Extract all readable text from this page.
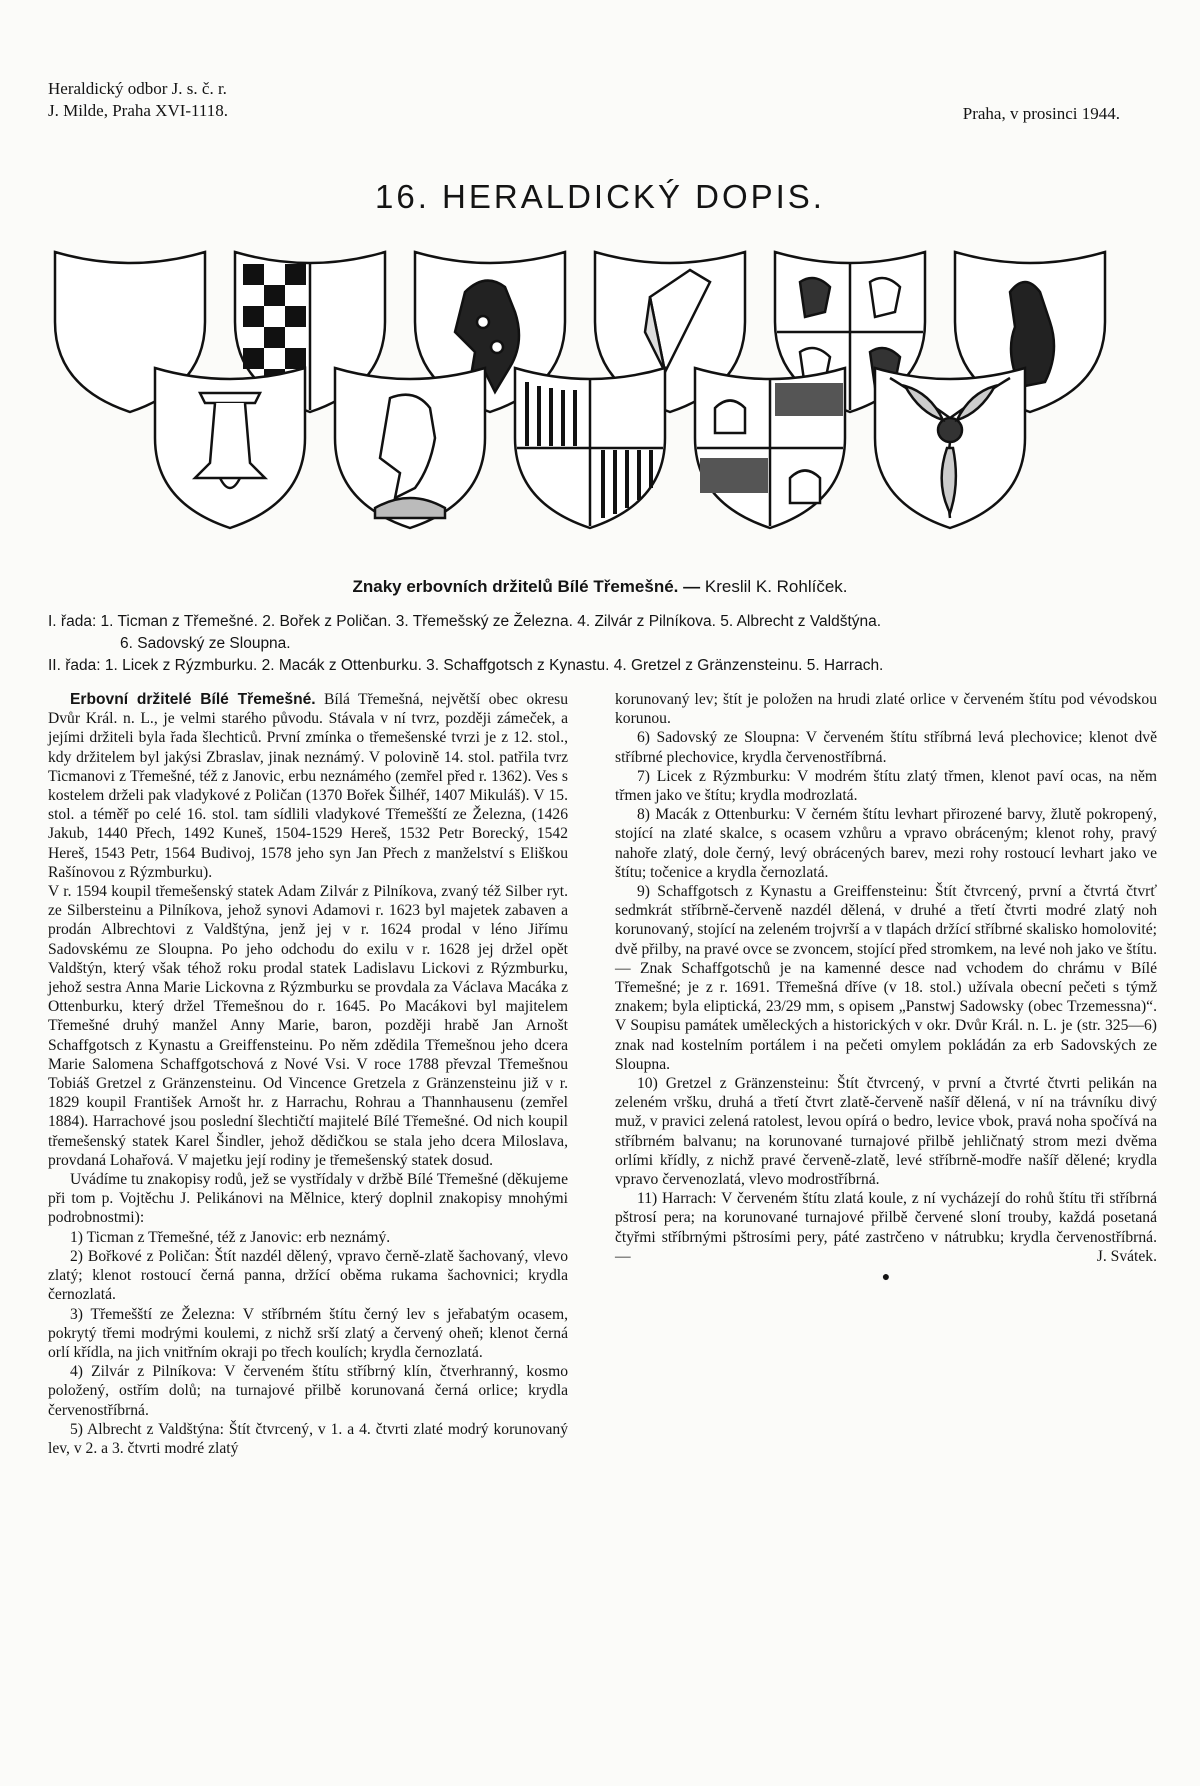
Heraldický odbor J. s. č. r.
J. Milde, Praha XVI-1118.	Praha, v prosinci 1944.
16. HERALDICKÝ DOPIS.
Znaky erbovních držitelů Bílé Třemešné. — Kreslil K. Rohlíček.

I. řada: 1. Ticman z Třemešné. 2. Bořek z Poličan. 3. Třemešský ze Železna. 4. Zilvár z Pilníkova. 5. Albrecht z Valdštýna.

6. Sadovský ze Sloupna.

II. řada: 1. Licek z Rýzmburku. 2. Macák z Ottenburku. 3. Schaffgotsch z Kynastu. 4. Gretzel z Gränzensteinu. 5. Harrach.

Erbovní držitelé Bílé Třemešné. Bílá Třemešná, největší obec okresu Dvůr Král. n. L., je velmi starého původu. Stávala v ní tvrz, později zámeček, a jejími držiteli byla řada šlechticů. První zmínka o třemešenské tvrzi je z 12. stol., kdy držitelem byl jakýsi Zbraslav, jinak neznámý. V polovině 14. stol. patřila tvrz Ticmanovi z Třemešné, též z Janovic, erbu neznámého (zemřel před r. 1362). Ves s kostelem drželi pak vladykové z Poličan (1370 Bořek Šilhéř, 1407 Mikuláš). V 15. stol. a téměř po celé 16. stol. tam sídlili vladykové Třemešští ze Železna, (1426 Jakub, 1440 Přech, 1492 Kuneš, 1504-1529 Hereš, 1532 Petr Borecký, 1542 Hereš, 1543 Petr, 1564 Budivoj, 1578 jeho syn Jan Přech z manželství s Eliškou Rašínovou z Rýzmburku).

V r. 1594 koupil třemešenský statek Adam Zilvár z Pilníkova, zvaný též Silber ryt. ze Silbersteinu a Pilníkova, jehož synovi Adamovi r. 1623 byl majetek zabaven a prodán Albrechtovi z Valdštýna, jenž jej v r. 1624 prodal v léno Jiřímu Sadovskému ze Sloupna. Po jeho odchodu do exilu v r. 1628 jej držel opět Valdštýn, který však téhož roku prodal statek Ladislavu Lickovi z Rýzmburku, jehož sestra Anna Marie Lickovna z Rýzmburku se provdala za Václava Macáka z Ottenburku, který držel Třemešnou do r. 1645. Po Macákovi byl majitelem Třemešné druhý manžel Anny Marie, baron, později hrabě Jan Arnošt Schaffgotsch z Kynastu a Greiffensteinu. Po něm zdědila Třemešnou jeho dcera Marie Salomena Schaffgotschová z Nové Vsi. V roce 1788 převzal Třemešnou Tobiáš Gretzel z Gränzensteinu. Od Vincence Gretzela z Gränzensteinu již v r. 1829 koupil František Arnošt hr. z Harrachu, Rohrau a Thannhausenu (zemřel 1884). Harrachové jsou poslední šlechtičtí majitelé Bílé Třemešné. Od nich koupil třemešenský statek Karel Šindler, jehož dědičkou se stala jeho dcera Miloslava, provdaná Lohařová. V majetku její rodiny je třemešenský statek dosud.

Uvádíme tu znakopisy rodů, jež se vystřídaly v držbě Bílé Třemešné (děkujeme při tom p. Vojtěchu J. Pelikánovi na Mělnice, který doplnil znakopisy mnohými podrobnostmi):

1) Ticman z Třemešné, též z Janovic: erb neznámý.

2) Bořkové z Poličan: Štít nazdél dělený, vpravo černě-zlatě šachovaný, vlevo zlatý; klenot rostoucí černá panna, držící oběma rukama šachovnici; krydla černozlatá.

3) Třemešští ze Železna: V stříbrném štítu černý lev s jeřabatým ocasem, pokrytý třemi modrými koulemi, z nichž srší zlatý a červený oheň; klenot černá orlí křídla, na jich vnitřním okraji po třech koulích; krydla černozlatá.

4) Zilvár z Pilníkova: V červeném štítu stříbrný klín, čtverhranný, kosmo položený, ostřím dolů; na turnajové přilbě korunovaná černá orlice; krydla červenostříbrná.

5) Albrecht z Valdštýna: Štít čtvrcený, v 1. a 4. čtvrti zlaté modrý korunovaný lev, v 2. a 3. čtvrti modré zlatý

korunovaný lev; štít je položen na hrudi zlaté orlice v červeném štítu pod vévodskou korunou.

6) Sadovský ze Sloupna: V červeném štítu stříbrná levá plechovice; klenot dvě stříbrné plechovice, krydla červenostříbrná.

7) Licek z Rýzmburku: V modrém štítu zlatý třmen, klenot paví ocas, na něm třmen jako ve štítu; krydla modrozlatá.

8) Macák z Ottenburku: V černém štítu levhart přirozené barvy, žlutě pokropený, stojící na zlaté skalce, s ocasem vzhůru a vpravo obráceným; klenot rohy, pravý nahoře zlatý, dole černý, levý obrácených barev, mezi rohy rostoucí levhart jako ve štítu; točenice a krydla černozlatá.

9) Schaffgotsch z Kynastu a Greiffensteinu: Štít čtvrcený, první a čtvrtá čtvrť sedmkrát stříbrně-červeně nazdél dělená, v druhé a třetí čtvrti modré zlatý noh korunovaný, stojící na zeleném trojvrší a v tlapách držící stříbrné skalisko homolovité; dvě přilby, na pravé ovce se zvoncem, stojící před stromkem, na levé noh jako ve štítu. — Znak Schaffgotschů je na kamenné desce nad vchodem do chrámu v Bílé Třemešné; je z r. 1691. Třemešná dříve (v 18. stol.) užívala obecní pečeti s týmž znakem; byla eliptická, 23/29 mm, s opisem „Panstwj Sadowsky (obec Trzemessna)“. V Soupisu památek uměleckých a historických v okr. Dvůr Král. n. L. je (str. 325—6) znak nad kostelním portálem i na pečeti omylem pokládán za erb Sadovských ze Sloupna.

10) Gretzel z Gränzensteinu: Štít čtvrcený, v první a čtvrté čtvrti pelikán na zeleném vršku, druhá a třetí čtvrt zlatě-červeně našíř dělená, v ní na trávníku divý muž, v pravici zelená ratolest, levou opírá o bedro, levice vbok, pravá noha spočívá na stříbrném balvanu; na korunované turnajové přilbě jehličnatý strom mezi dvěma orlími křídly, z nichž pravé červeně-zlatě, levé stříbrně-modře našíř dělené; krydla vpravo červenozlatá, vlevo modrostříbrná.

11) Harrach: V červeném štítu zlatá koule, z ní vycházejí do rohů štítu tři stříbrná pštrosí pera; na korunované turnajové přilbě červené sloní trouby, každá posetaná čtyřmi stříbrnými pštrosími pery, páté zastrčeno v nátrubku; krydla červenostříbrná. —	J. Svátek.

●
